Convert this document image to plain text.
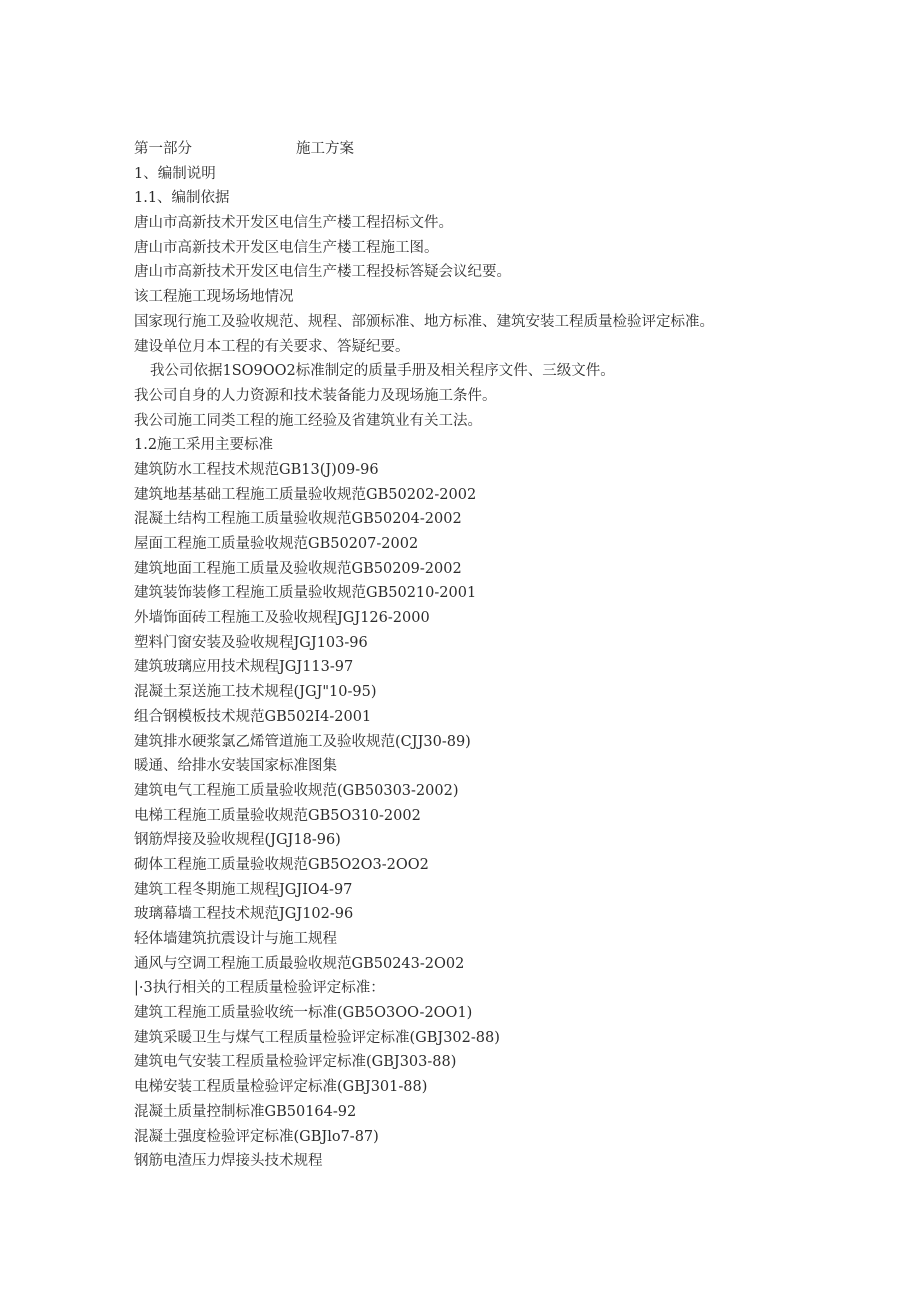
第一部分	施工方案
1、编制说明
1.1、编制依据
唐山市高新技术开发区电信生产楼工程招标文件。
唐山市高新技术开发区电信生产楼工程施工图。
唐山市高新技术开发区电信生产楼工程投标答疑会议纪要。
该工程施工现场场地情况
国家现行施工及验收规范、规程、部颁标准、地方标准、建筑安装工程质量检验评定标准。
建设单位月本工程的有关要求、答疑纪要。
我公司依据1SO9OO2标准制定的质量手册及相关程序文件、三级文件。
我公司自身的人力资源和技术装备能力及现场施工条件。
我公司施工同类工程的施工经验及省建筑业有关工法。
1.2施工采用主要标准
建筑防水工程技术规范GB13(J)09-96
建筑地基基础工程施工质量验收规范GB50202-2002
混凝土结构工程施工质量验收规范GB50204-2002
屋面工程施工质量验收规范GB50207-2002
建筑地面工程施工质量及验收规范GB50209-2002
建筑装饰装修工程施工质量验收规范GB50210-2001
外墙饰面砖工程施工及验收规程JGJ126-2000
塑料门窗安装及验收规程JGJ103-96
建筑玻璃应用技术规程JGJ113-97
混凝土泵送施工技术规程(JGJ"10-95)
组合钢模板技术规范GB502I4-2001
建筑排水硬浆氯乙烯管道施工及验收规范(CJJ30-89)
暖通、给排水安装国家标准图集
建筑电气工程施工质量验收规范(GB50303-2002)
电梯工程施工质量验收规范GB5O310-2002
钢筋焊接及验收规程(JGJ18-96)
砌体工程施工质量验收规范GB5O2O3-2OO2
建筑工程冬期施工规程JGJIO4-97
玻璃幕墙工程技术规范JGJ102-96
轻体墙建筑抗震设计与施工规程
通风与空调工程施工质最验收规范GB50243-2O02
|·3执行相关的工程质量检验评定标准：
建筑工程施工质量验收统一标准(GB5O3OO-2OO1)
建筑采暖卫生与煤气工程质量检验评定标准(GBJ302-88)
建筑电气安装工程质量检验评定标准(GBJ303-88)
电梯安装工程质量检验评定标准(GBJ301-88)
混凝土质量控制标准GB50164-92
混凝土强度检验评定标准(GBJlo7-87)
钢筋电渣压力焊接头技术规程
